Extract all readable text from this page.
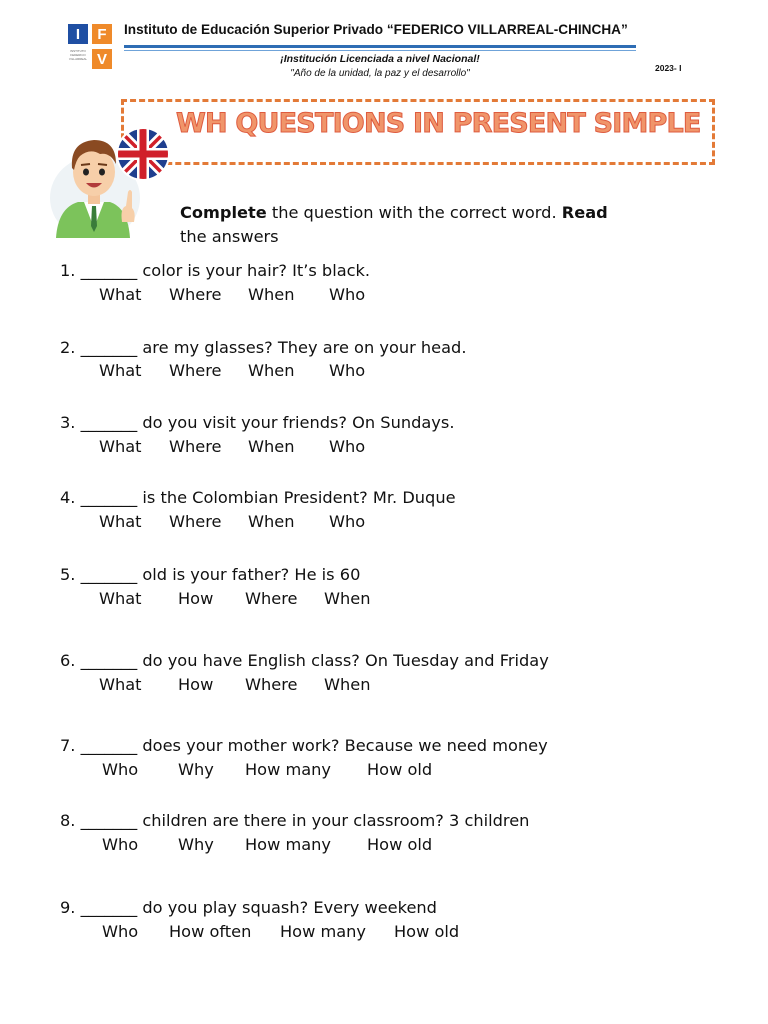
I	F
V
INSTITUTO FEDERICO VILLARREAL
Instituto de Educación Superior Privado “FEDERICO VILLARREAL-CHINCHA”
¡Institución Licenciada a nivel Nacional!
"Año de la unidad, la paz y el desarrollo"	2023- I
WH QUESTIONS IN PRESENT SIMPLE
Complete the question with the correct word. Read
the answers
1. _______ color is your hair? It’s black.
What Where When Who
2. _______ are my glasses? They are on your head.
What Where When Who
3. _______ do you visit your friends? On Sundays.
What Where When Who
4. _______ is the Colombian President? Mr. Duque
What Where When Who
5. _______ old is your father? He is 60
What How Where When
6. _______ do you have English class? On Tuesday and Friday
What How Where When
7. _______ does your mother work? Because we need money
Who Why How many How old
8. _______ children are there in your classroom? 3 children
Who Why How many How old
9. _______ do you play squash? Every weekend
Who How often How many How old
